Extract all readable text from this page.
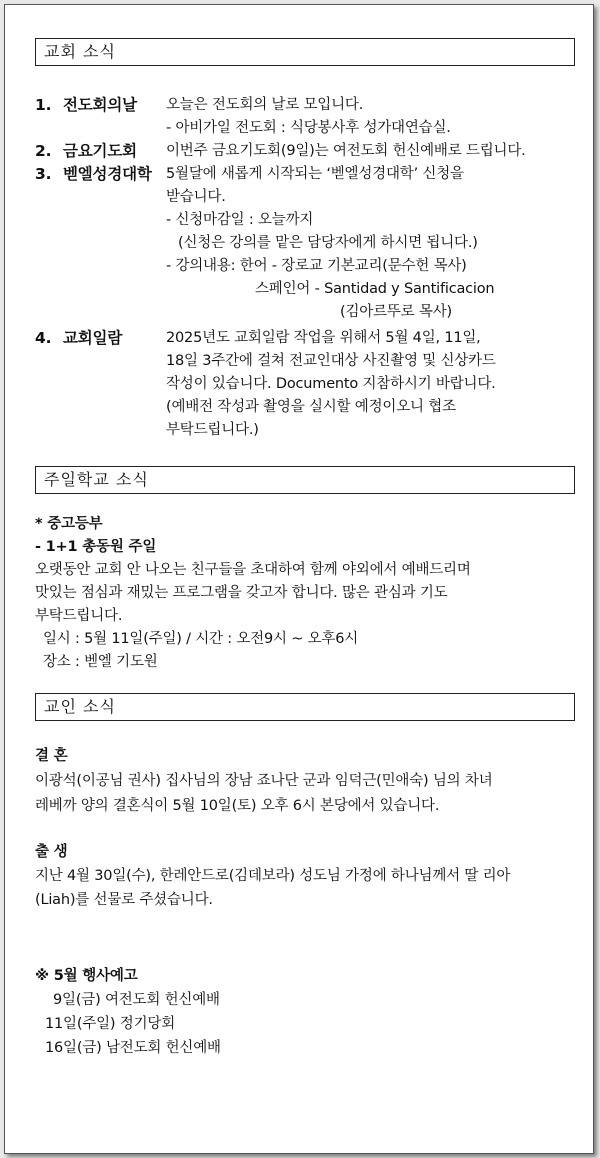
교회 소식
1. 전도회의날 오늘은 전도회의 날로 모입니다.
- 아비가일 전도회 : 식당봉사후 성가대연습실.
2. 금요기도회 이번주 금요기도회(9일)는 여전도회 헌신예배로 드립니다.
3. 벧엘성경대학 5월달에 새롭게 시작되는 ‘벧엘성경대학’ 신청을
받습니다.
- 신청마감일 : 오늘까지
(신청은 강의를 맡은 담당자에게 하시면 됩니다.)
- 강의내용: 한어 - 장로교 기본교리(문수헌 목사)
스페인어 - Santidad y Santificacion
(김아르뚜로 목사)
4. 교회일람	2025년도 교회일람 작업을 위해서 5월 4일, 11일,
18일 3주간에 걸쳐 전교인대상 사진촬영 및 신상카드
작성이 있습니다. Documento 지참하시기 바랍니다.
(예배전 작성과 촬영을 실시할 예정이오니 협조
부탁드립니다.)
주일학교 소식
* 중고등부
- 1+1 총동원 주일
오랫동안 교회 안 나오는 친구들을 초대하여 함께 야외에서 예배드리며
맛있는 점심과 재밌는 프로그램을 갖고자 합니다. 많은 관심과 기도
부탁드립니다.
일시 : 5월 11일(주일) / 시간 : 오전9시 ~ 오후6시
장소 : 벧엘 기도원
교인 소식
결 혼
이광석(이공님 권사) 집사님의 장남 죠나단 군과 임덕근(민애숙) 님의 차녀
레베까 양의 결혼식이 5월 10일(토) 오후 6시 본당에서 있습니다.
출 생
지난 4월 30일(수), 한레안드로(김데보라) 성도님 가정에 하나님께서 딸 리아
(Liah)를 선물로 주셨습니다.
※ 5월 행사예고
9일(금) 여전도회 헌신예배
11일(주일) 정기당회
16일(금) 남전도회 헌신예배
